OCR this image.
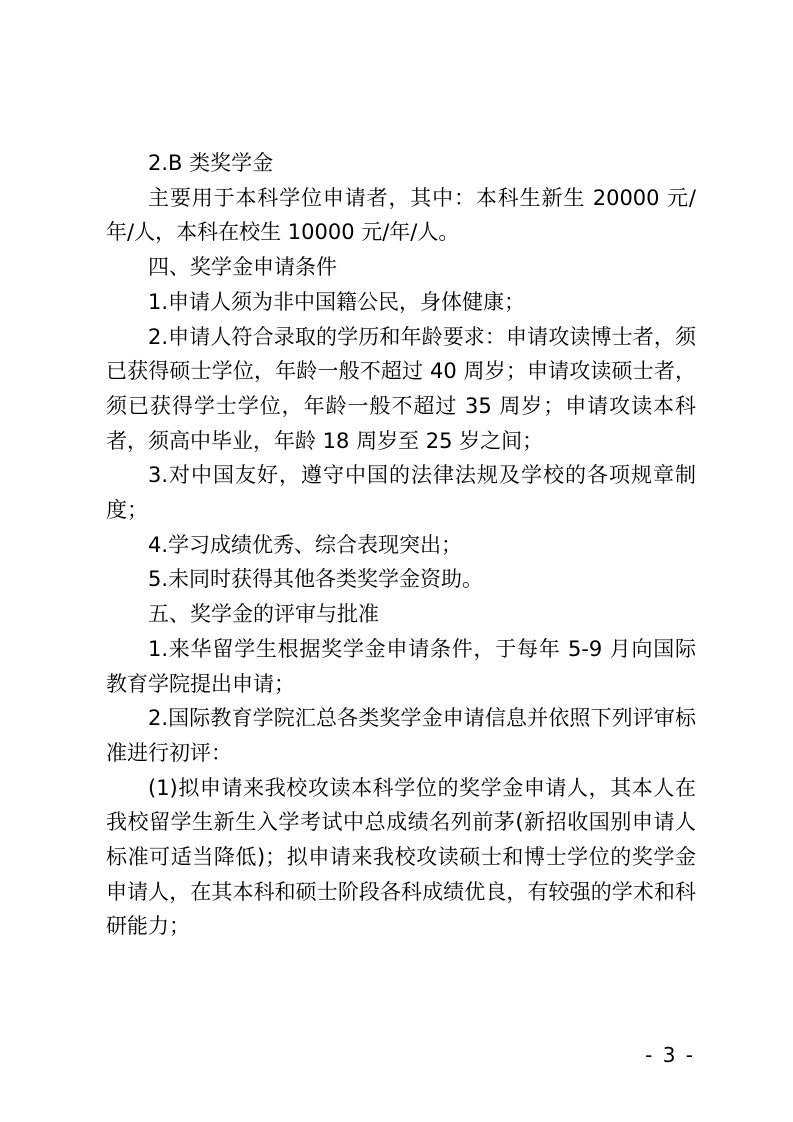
2.B 类奖学金

主要用于本科学位申请者，其中：本科生新生 20000 元/年/人，本科在校生 10000 元/年/人。

四、奖学金申请条件

1.申请人须为非中国籍公民，身体健康；

2.申请人符合录取的学历和年龄要求：申请攻读博士者，须已获得硕士学位，年龄一般不超过 40 周岁；申请攻读硕士者，须已获得学士学位，年龄一般不超过 35 周岁；申请攻读本科者，须高中毕业，年龄 18 周岁至 25 岁之间；

3.对中国友好，遵守中国的法律法规及学校的各项规章制度；

4.学习成绩优秀、综合表现突出；

5.未同时获得其他各类奖学金资助。

五、奖学金的评审与批准

1.来华留学生根据奖学金申请条件，于每年 5-9 月向国际教育学院提出申请；

2.国际教育学院汇总各类奖学金申请信息并依照下列评审标准进行初评：

(1)拟申请来我校攻读本科学位的奖学金申请人，其本人在我校留学生新生入学考试中总成绩名列前茅(新招收国别申请人标准可适当降低)；拟申请来我校攻读硕士和博士学位的奖学金申请人，在其本科和硕士阶段各科成绩优良，有较强的学术和科研能力；

- 3 -
